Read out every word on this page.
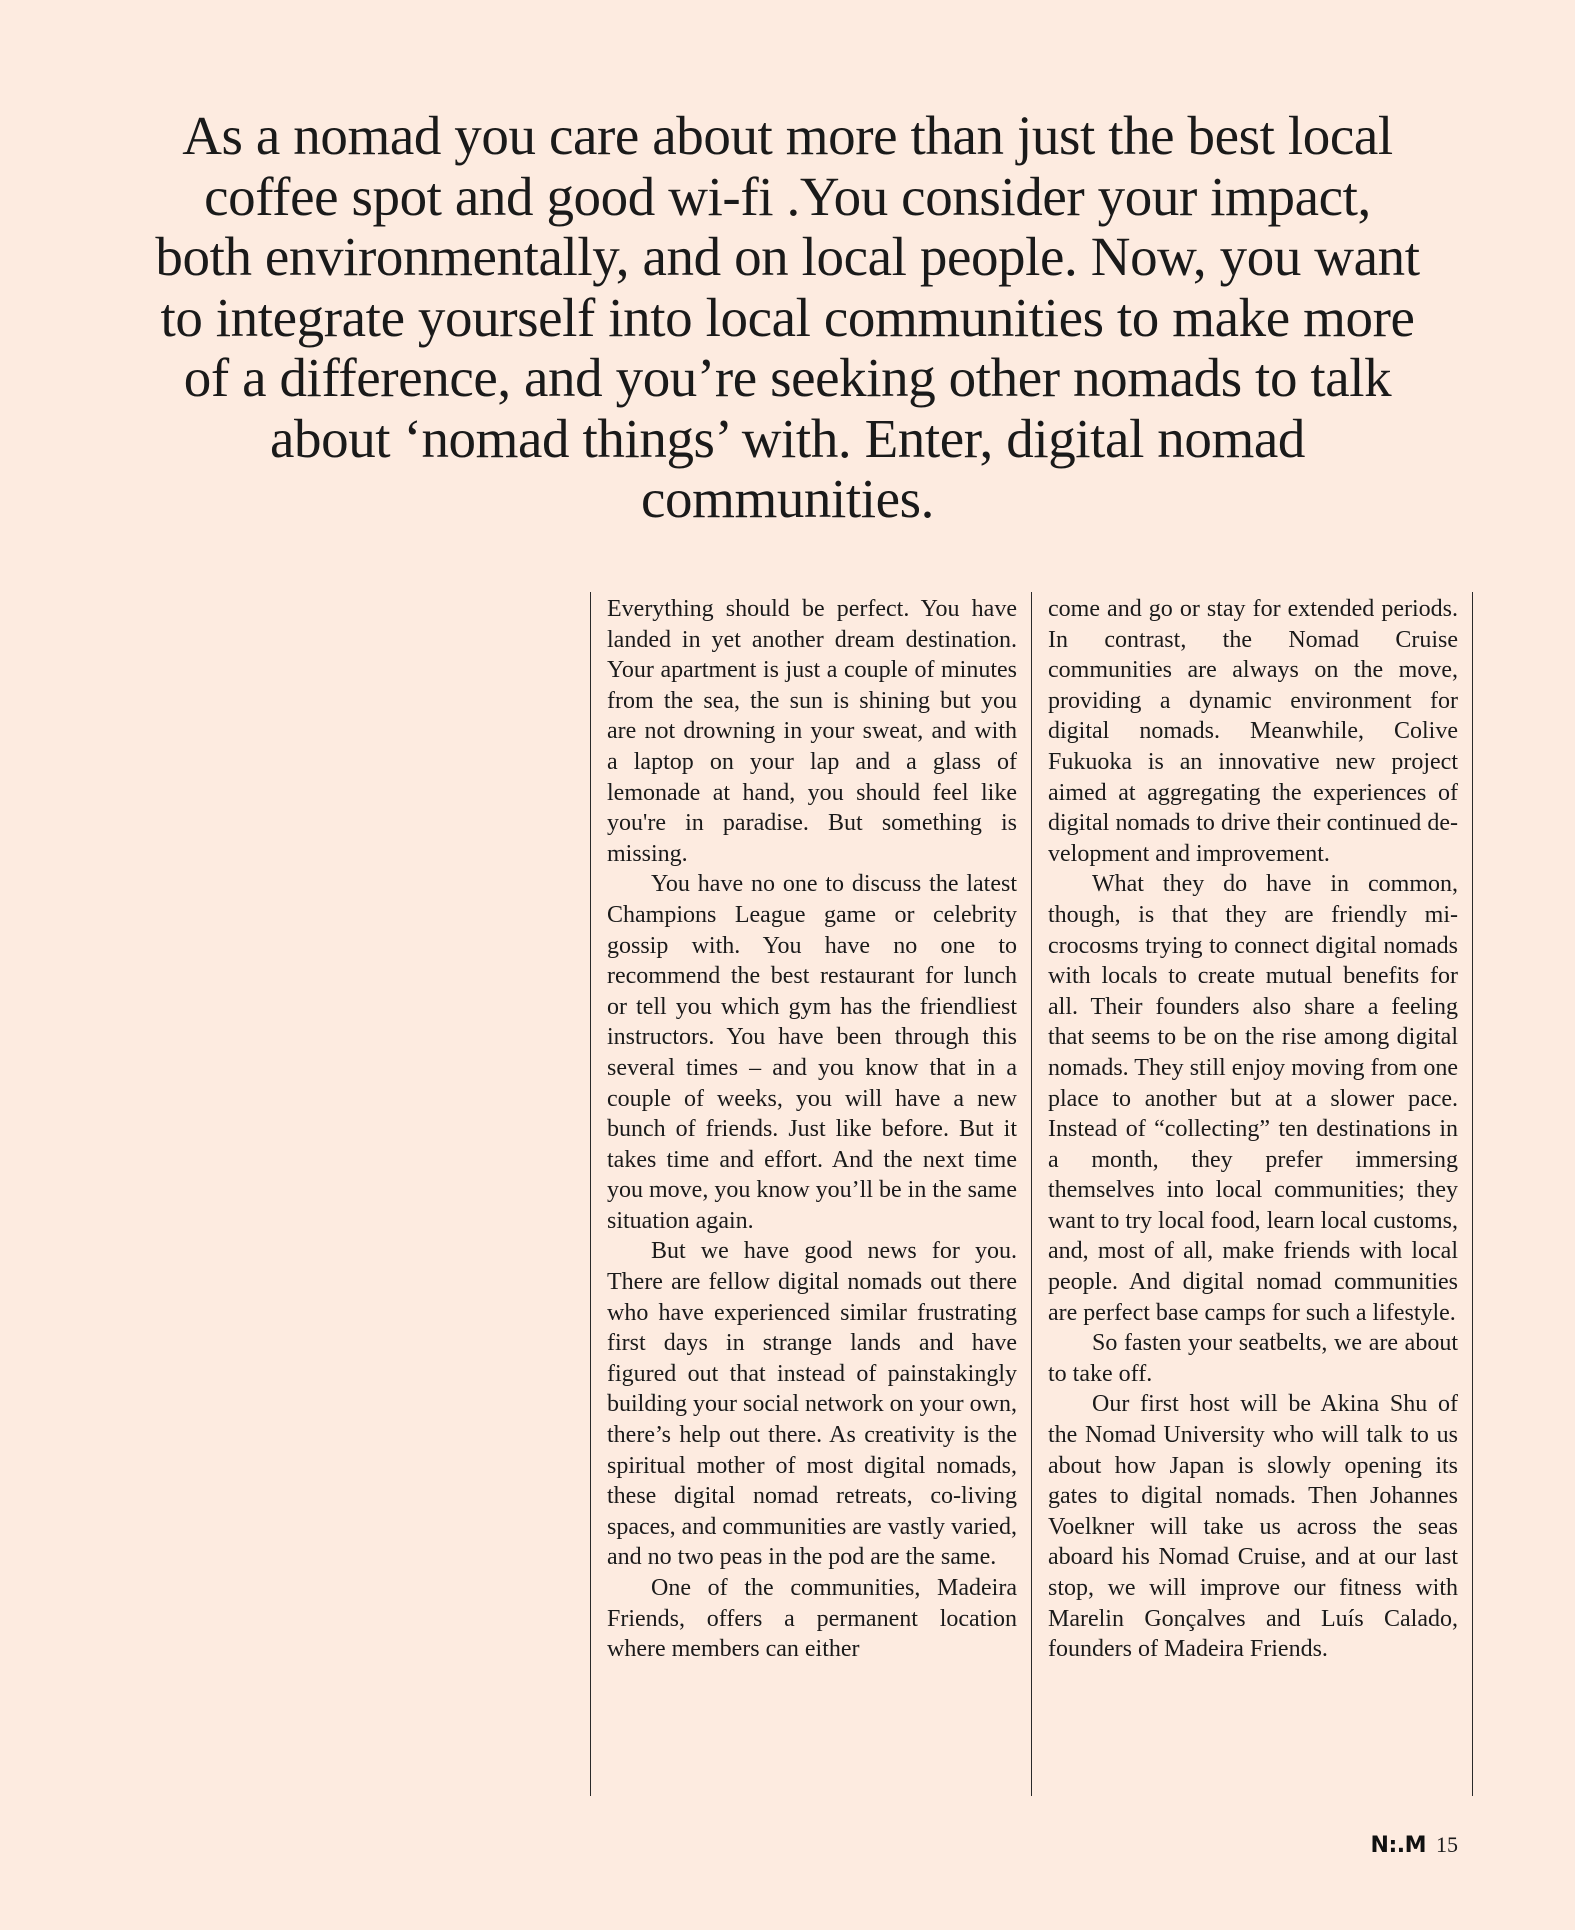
As a nomad you care about more than just the best local coffee spot and good wi-fi .You consider your impact, both environmentally, and on local people. Now, you want to integrate yourself into local communities to make more of a difference, and you’re seeking other nomads to talk about ‘nomad things’ with. Enter, digital nomad communities.

Everything should be perfect. You have landed in yet another dream destination. Your apartment is just a couple of minutes from the sea, the sun is shining but you are not drowning in your sweat, and with a laptop on your lap and a glass of lemonade at hand, you should feel like you're in paradise. But something is missing.

You have no one to discuss the latest Champions League game or celebrity gossip with. You have no one to recommend the best restaurant for lunch or tell you which gym has the friendliest instructors. You have been through this several times – and you know that in a couple of weeks, you will have a new bunch of friends. Just like before. But it takes time and effort. And the next time you move, you know you’ll be in the same situation again.

But we have good news for you. There are fellow digital nomads out there who have experienced similar frustrating first days in strange lands and have figured out that instead of painstakingly building your social network on your own, there’s help out there. As creativity is the spiritual mother of most digital nomads, these digital nomad retreats, co-living spaces, and communities are vastly varied, and no two peas in the pod are the same.

One of the communities, Madeira Friends, offers a permanent location where members can either

come and go or stay for extended periods. In contrast, the Nomad Cruise communities are always on the move, providing a dynamic environment for digital nomads. Meanwhile, Colive Fukuoka is an innovative new project aimed at aggregating the experiences of digital nomads to drive their continued development and improvement.

What they do have in common, though, is that they are friendly microcosms trying to connect digital nomads with locals to create mutual benefits for all. Their founders also share a feeling that seems to be on the rise among digital nomads. They still enjoy moving from one place to another but at a slower pace. Instead of “collecting” ten destinations in a month, they prefer immersing themselves into local communities; they want to try local food, learn local customs, and, most of all, make friends with local people. And digital nomad communities are perfect base camps for such a lifestyle.

So fasten your seatbelts, we are about to take off.

Our first host will be Akina Shu of the Nomad University who will talk to us about how Japan is slowly opening its gates to digital nomads. Then Johannes Voelkner will take us across the seas aboard his Nomad Cruise, and at our last stop, we will improve our fitness with Marelin Gonçalves and Luís Calado, founders of Madeira Friends.

N:.M 15
